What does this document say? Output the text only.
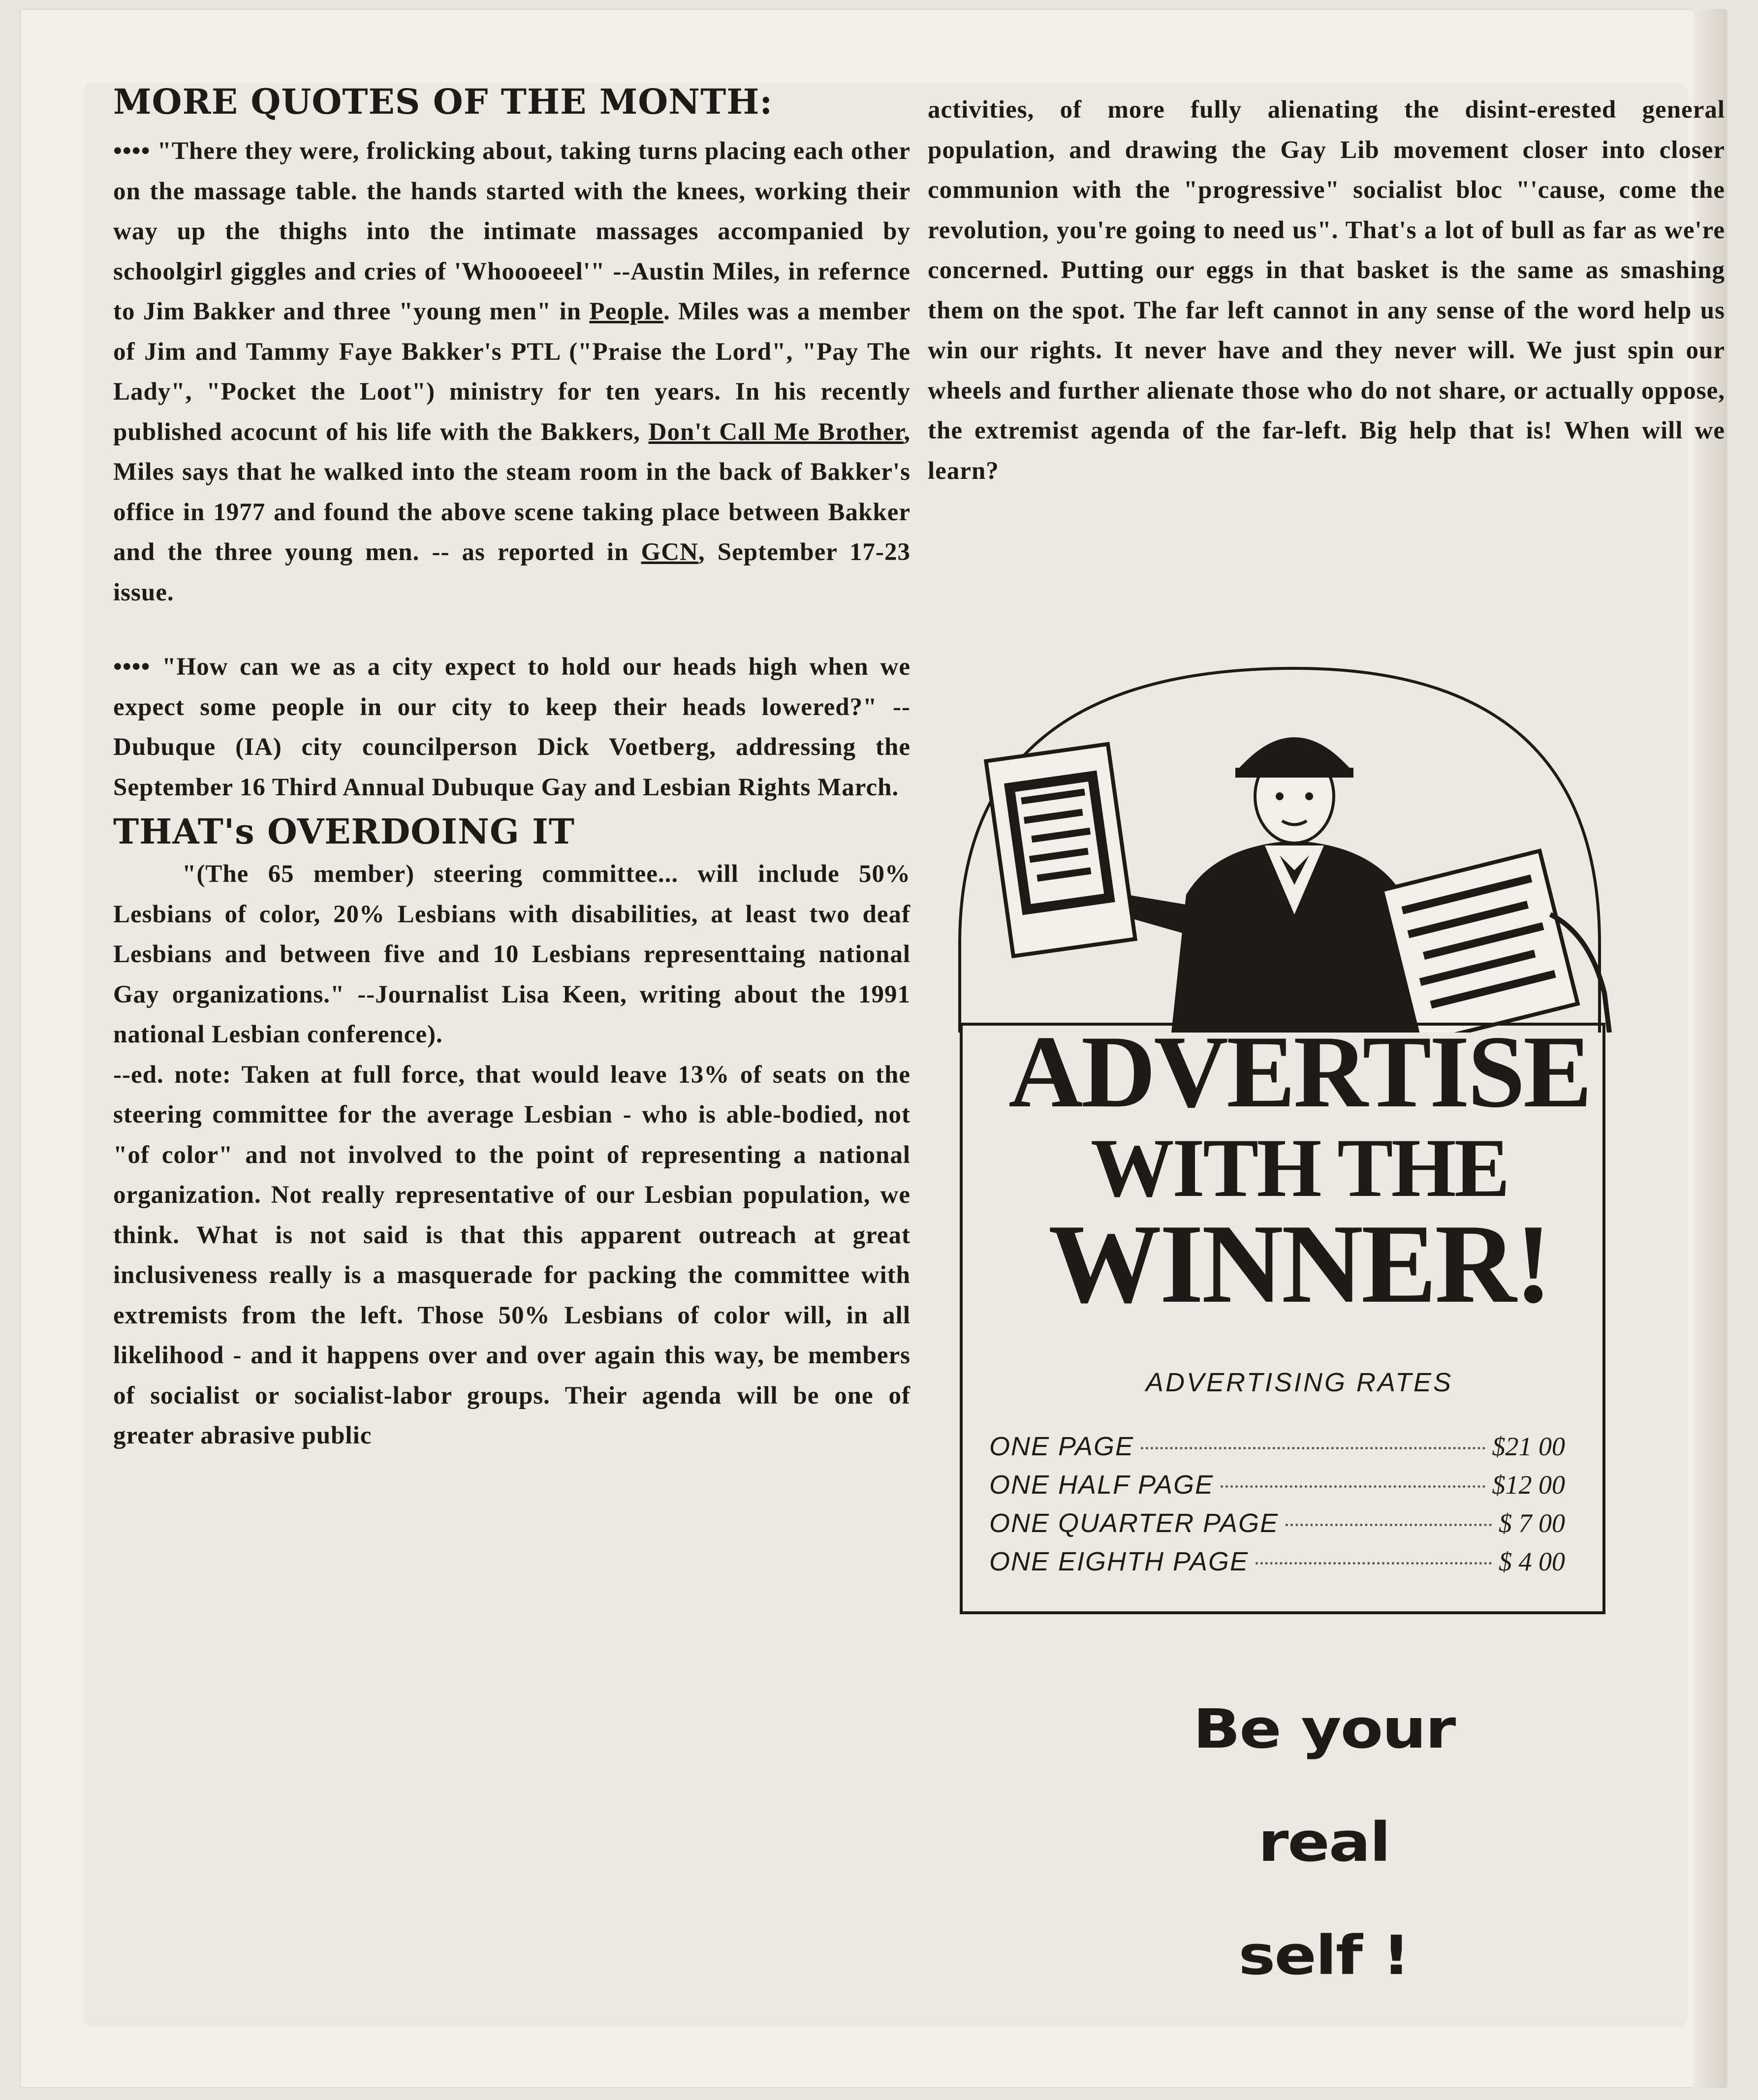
MORE QUOTES OF THE MONTH:

•••• "There they were, frolicking about, taking turns placing each other on the massage table. the hands started with the knees, working their way up the thighs into the intimate massages accompanied by schoolgirl giggles and cries of 'Whoooeeel'" --Austin Miles, in refernce to Jim Bakker and three "young men" in People. Miles was a member of Jim and Tammy Faye Bakker's PTL ("Praise the Lord", "Pay The Lady", "Pocket the Loot") ministry for ten years. In his recently published acocunt of his life with the Bakkers, Don't Call Me Brother, Miles says that he walked into the steam room in the back of Bakker's office in 1977 and found the above scene taking place between Bakker and the three young men. -- as reported in GCN, September 17-23 issue.

•••• "How can we as a city expect to hold our heads high when we expect some people in our city to keep their heads lowered?" --Dubuque (IA) city councilperson Dick Voetberg, addressing the September 16 Third Annual Dubuque Gay and Lesbian Rights March.

THAT's OVERDOING IT

"(The 65 member) steering committee... will include 50% Lesbians of color, 20% Lesbians with disabilities, at least two deaf Lesbians and between five and 10 Lesbians representtaing national Gay organizations." --Journalist Lisa Keen, writing about the 1991 national Lesbian conference).

--ed. note: Taken at full force, that would leave 13% of seats on the steering committee for the average Lesbian - who is able-bodied, not "of color" and not involved to the point of representing a national organization. Not really representative of our Lesbian population, we think. What is not said is that this apparent outreach at great inclusiveness really is a masquerade for packing the committee with extremists from the left. Those 50% Lesbians of color will, in all likelihood - and it happens over and over again this way, be members of socialist or socialist-labor groups. Their agenda will be one of greater abrasive public

activities, of more fully alienating the disint-erested general population, and drawing the Gay Lib movement closer into closer communion with the "progressive" socialist bloc "'cause, come the revolution, you're going to need us". That's a lot of bull as far as we're concerned. Putting our eggs in that basket is the same as smashing them on the spot. The far left cannot in any sense of the word help us win our rights. It never have and they never will. We just spin our wheels and further alienate those who do not share, or actually oppose, the extremist agenda of the far-left. Big help that is! When will we learn?

ADVERTISE
WITH THE
WINNER!
ADVERTISING RATES
ONE PAGE	$21 00
ONE HALF PAGE	$12 00
ONE QUARTER PAGE	$ 7 00
ONE EIGHTH PAGE	$ 4 00
Be your
real
self !
